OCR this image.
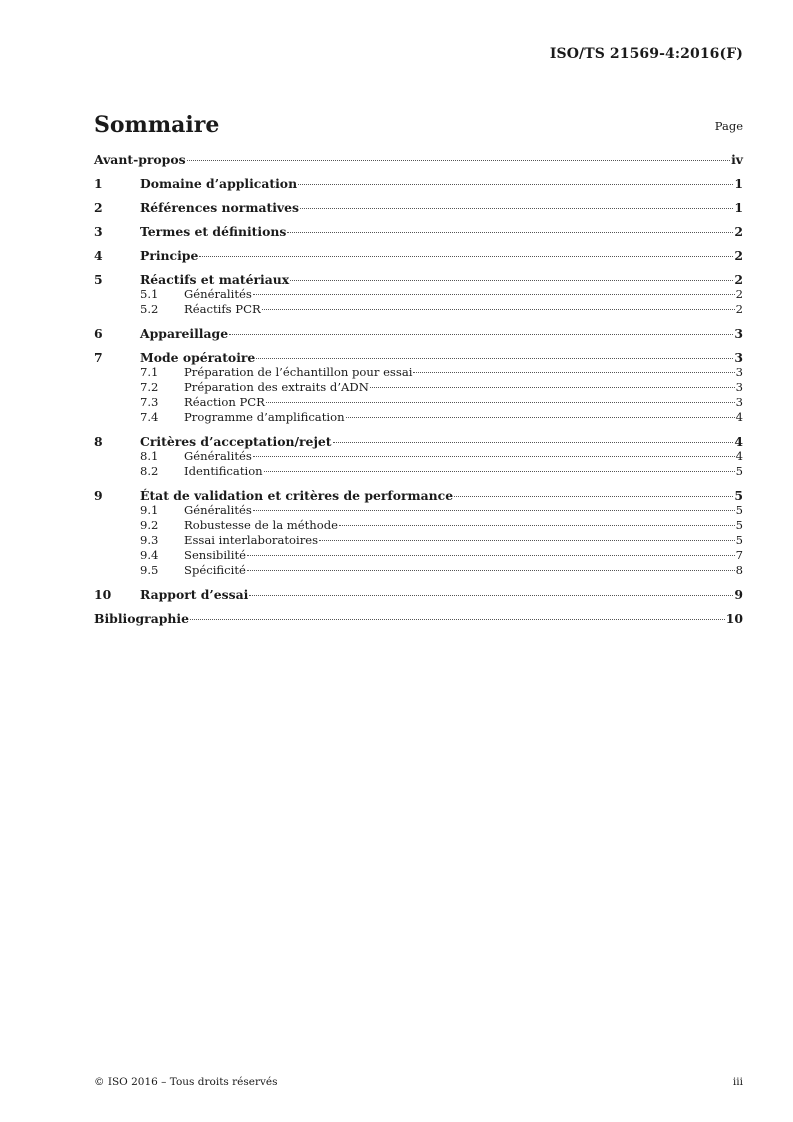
ISO/TS 21569-4:2016(F)
Sommaire	Page
Avant-propos	iv
1	Domaine d’application	1
2	Références normatives	1
3	Termes et définitions	2
4	Principe	2
5	Réactifs et matériaux	2
5.1	Généralités	2
5.2	Réactifs PCR	2
6	Appareillage	3
7	Mode opératoire	3
7.1	Préparation de l’échantillon pour essai	3
7.2	Préparation des extraits d’ADN	3
7.3	Réaction PCR	3
7.4	Programme d’amplification	4
8	Critères d’acceptation/rejet	4
8.1	Généralités	4
8.2	Identification	5
9	État de validation et critères de performance	5
9.1	Généralités	5
9.2	Robustesse de la méthode	5
9.3	Essai interlaboratoires	5
9.4	Sensibilité	7
9.5	Spécificité	8
10	Rapport d’essai	9
Bibliographie	10
© ISO 2016 – Tous droits réservés	iii
